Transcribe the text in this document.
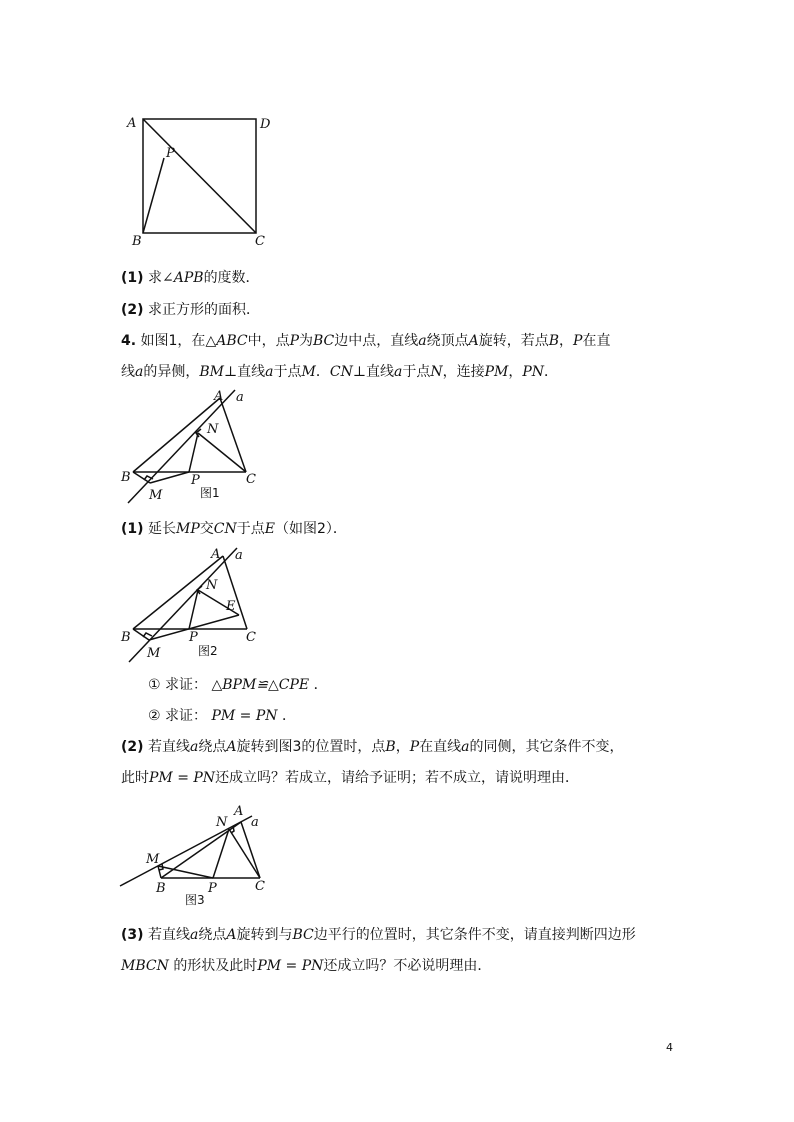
A	D
P
B	C
(1) 求∠APB的度数．
(2) 求正方形的面积．
4. 如图1，在△ABC中，点P为BC边中点，直线a绕顶点A旋转，若点B，P在直
线a的异侧，BM⊥直线a于点M．CN⊥直线a于点N，连接PM，PN．
A a
N
B	P	C
M	图1
(1) 延长MP交CN于点E（如图2）．
A a
N
E
B	P	C
M	图2
① 求证： △BPM≌△CPE ．
② 求证： PM = PN ．
(2) 若直线a绕点A旋转到图3的位置时，点B，P在直线a的同侧，其它条件不变，
此时PM = PN还成立吗？若成立，请给予证明；若不成立，请说明理由．
A
a
N
M
B	P	C
图3
(3) 若直线a绕点A旋转到与BC边平行的位置时，其它条件不变，请直接判断四边形
MBCN 的形状及此时PM = PN还成立吗？不必说明理由．
4
